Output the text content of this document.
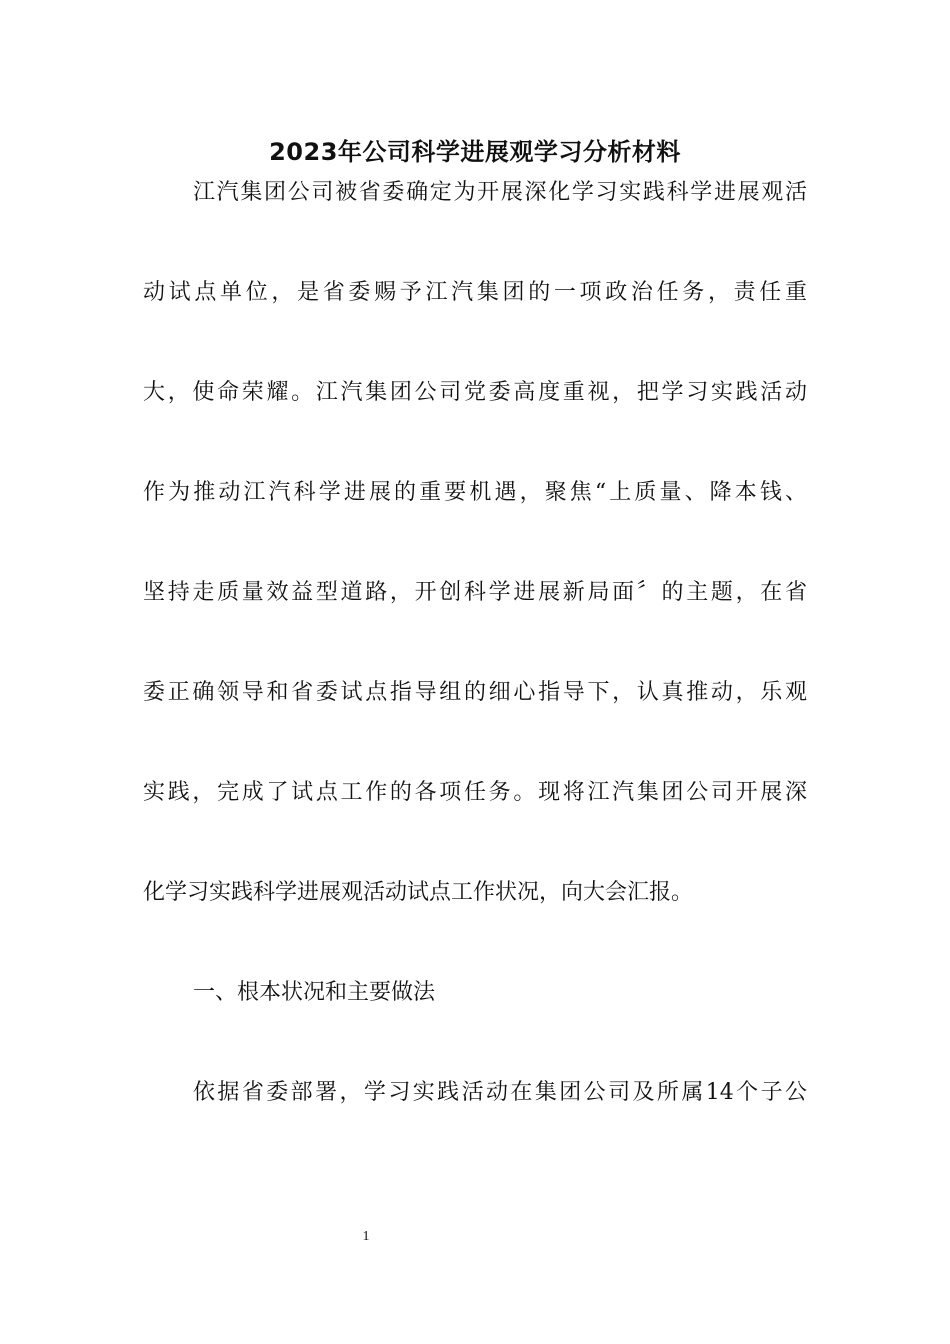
2023年公司科学进展观学习分析材料
江汽集团公司被省委确定为开展深化学习实践科学进展观活
动试点单位，是省委赐予江汽集团的一项政治任务，责任重
大，使命荣耀。江汽集团公司党委高度重视，把学习实践活动
作为推动江汽科学进展的重要机遇，聚焦“上质量、降本钱、
坚持走质量效益型道路，开创科学进展新局面〞的主题，在省
委正确领导和省委试点指导组的细心指导下，认真推动，乐观
实践，完成了试点工作的各项任务。现将江汽集团公司开展深
化学习实践科学进展观活动试点工作状况，向大会汇报。
一、根本状况和主要做法
依据省委部署，学习实践活动在集团公司及所属14个子公
1
